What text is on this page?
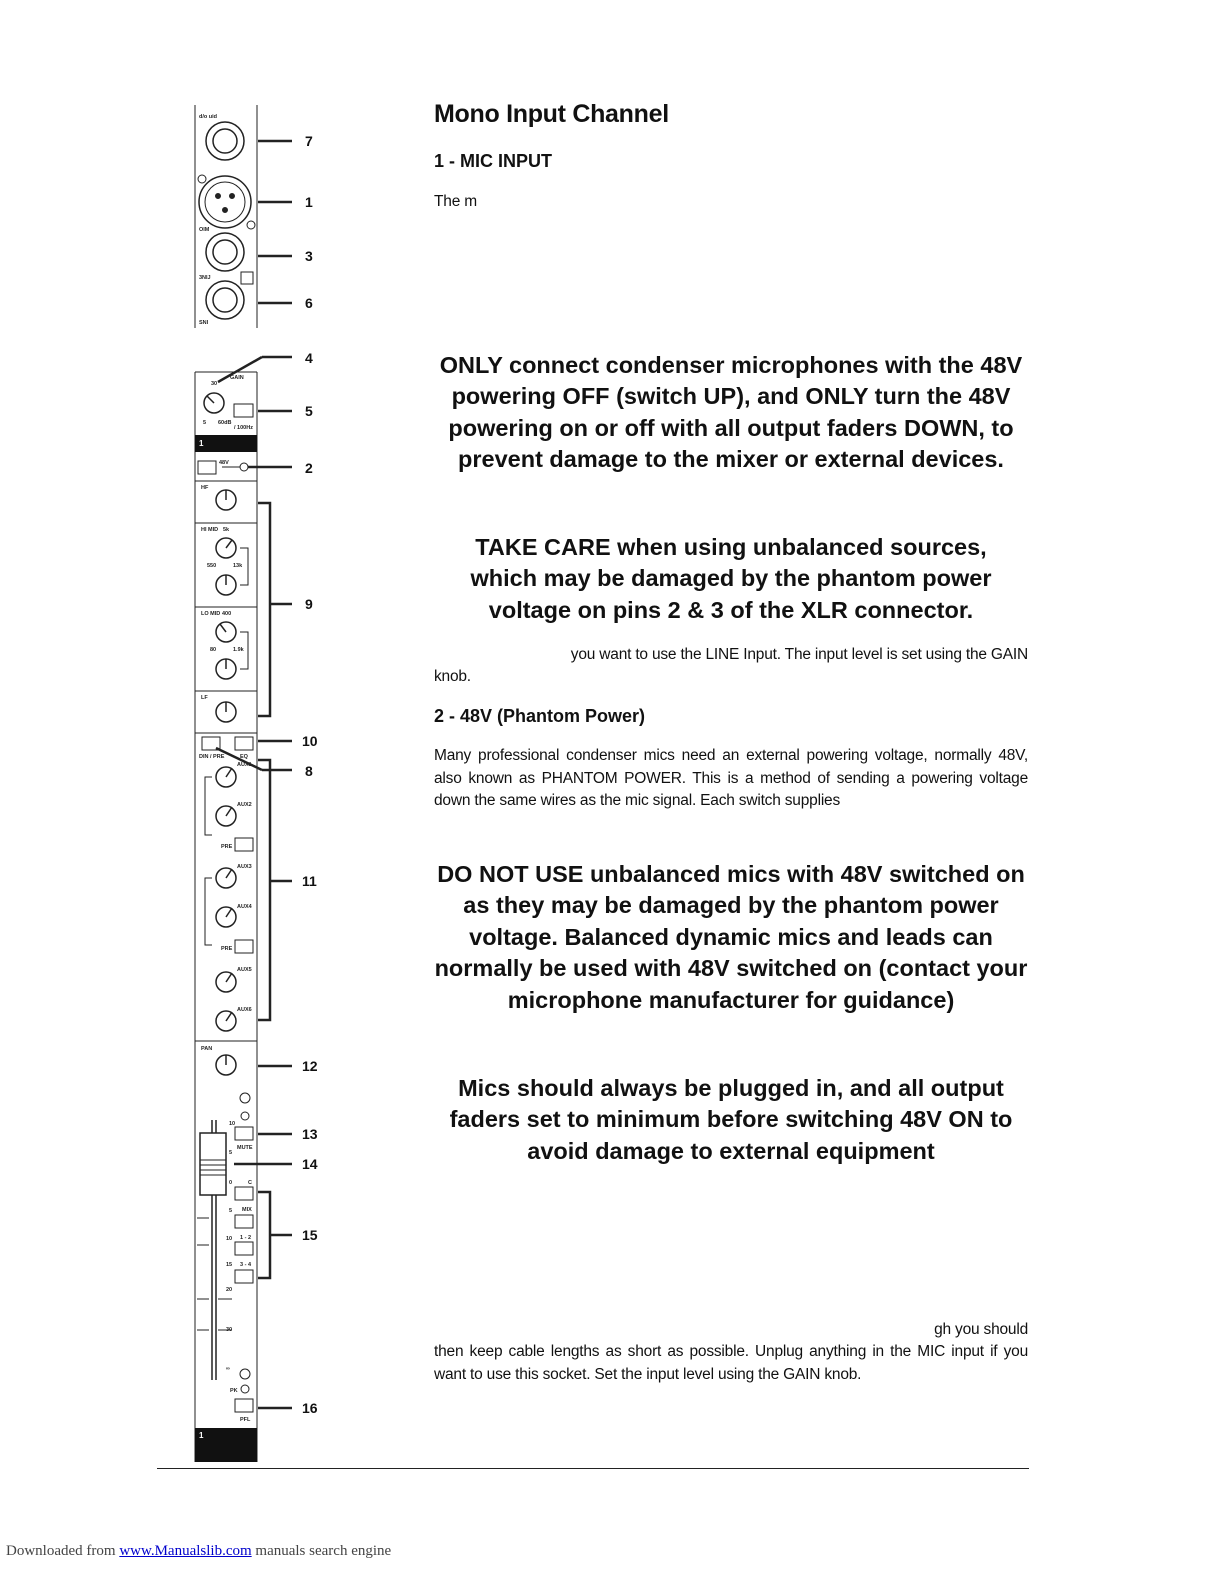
7
1
3
6
4
5
2
9
10
8
11
12
13
14
15
16
d/o uid
OIM
3NIJ
SNI
GAIN
30
5 60dB
/ 100Hz
48V
HF
HI MID 5k
550	13k
LO MID 400
80	1.9k
LF
DIN / PRE	EQ
AUX1
AUX2
PRE
AUX3
AUX4
PRE
AUX5
AUX6
PAN
10
MUTE
5
0	C
5 MIX
10 1 - 2
15 3 - 4
20
30
∞
PK
PFL
1
1
Mono Input Channel
1 - MIC INPUT
The m
ONLY connect condenser microphones with the 48V powering OFF (switch UP), and ONLY turn the 48V powering on or off with all output faders DOWN, to prevent damage to the mixer or external devices.
TAKE CARE when using unbalanced sources, which may be damaged by the phantom power voltage on pins 2 & 3 of the XLR connector.
you want to use the LINE Input. The input level is set using the GAIN
knob.
2 - 48V (Phantom Power)
Many professional condenser mics need an external powering voltage, normally 48V, also known as PHANTOM POWER. This is a method of sending a powering voltage down the same wires as the mic signal. Each switch supplies
DO NOT USE unbalanced mics with 48V switched on as they may be damaged by the phantom power voltage. Balanced dynamic mics and leads can normally be used with 48V switched on (contact your microphone manufacturer for guidance)
Mics should always be plugged in, and all output faders set to minimum before switching 48V ON to avoid damage to external equipment
gh you should
then keep cable lengths as short as possible. Unplug anything in the MIC input if you want to use this socket. Set the input level using the GAIN knob.
Downloaded from www.Manualslib.com manuals search engine
